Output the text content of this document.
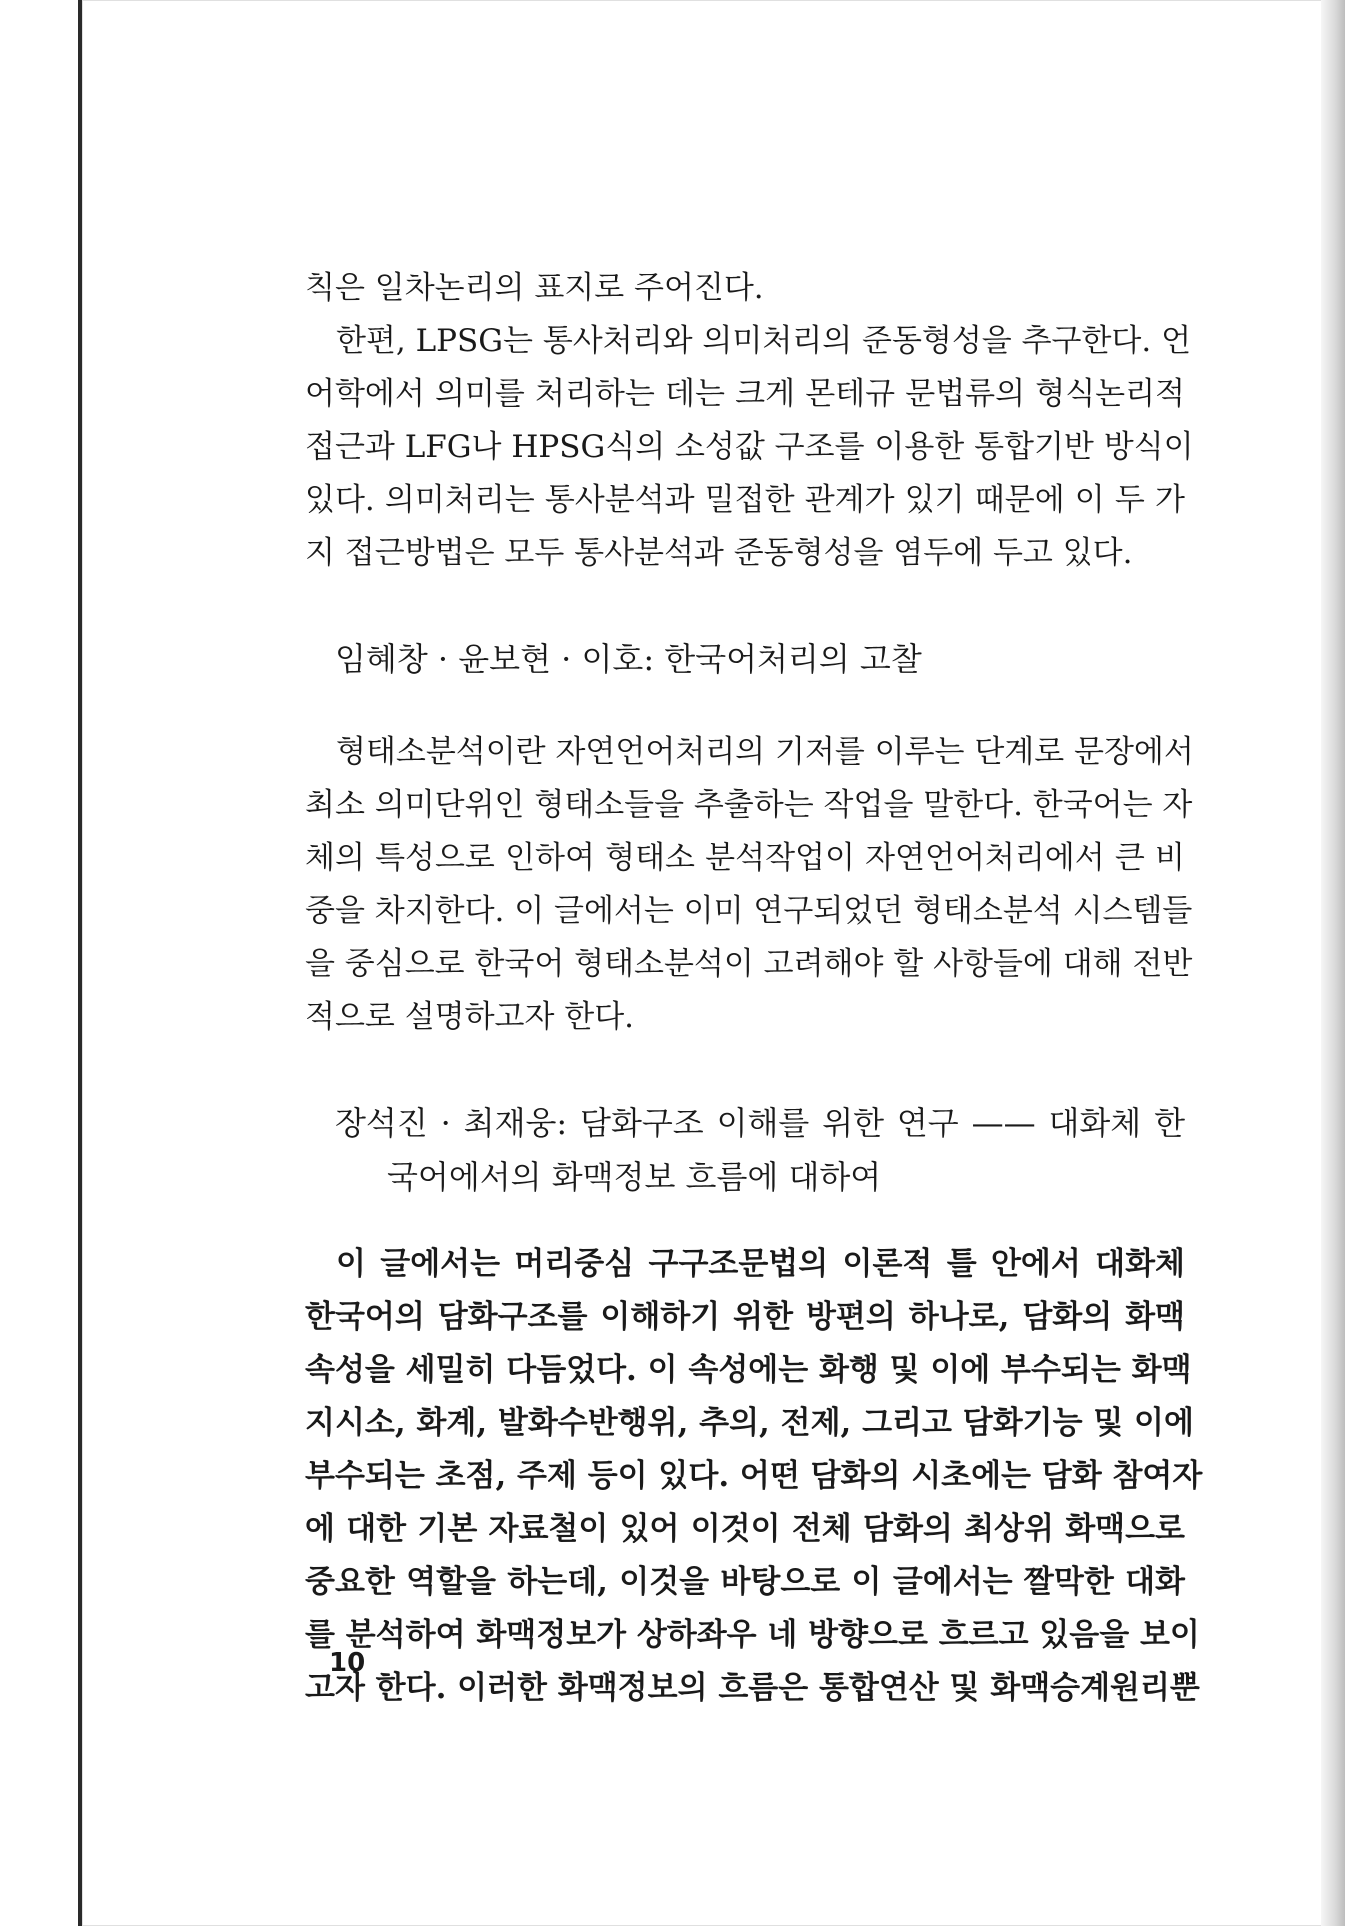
칙은 일차논리의 표지로 주어진다.
한편, LPSG는 통사처리와 의미처리의 준동형성을 추구한다. 언
어학에서 의미를 처리하는 데는 크게 몬테규 문법류의 형식논리적
접근과 LFG나 HPSG식의 소성값 구조를 이용한 통합기반 방식이
있다. 의미처리는 통사분석과 밀접한 관계가 있기 때문에 이 두 가
지 접근방법은 모두 통사분석과 준동형성을 염두에 두고 있다.
임혜창 · 윤보현 · 이호: 한국어처리의 고찰
형태소분석이란 자연언어처리의 기저를 이루는 단계로 문장에서
최소 의미단위인 형태소들을 추출하는 작업을 말한다. 한국어는 자
체의 특성으로 인하여 형태소 분석작업이 자연언어처리에서 큰 비
중을 차지한다. 이 글에서는 이미 연구되었던 형태소분석 시스템들
을 중심으로 한국어 형태소분석이 고려해야 할 사항들에 대해 전반
적으로 설명하고자 한다.
장석진 · 최재웅: 담화구조 이해를 위한 연구 —— 대화체 한
국어에서의 화맥정보 흐름에 대하여
이 글에서는 머리중심 구구조문법의 이론적 틀 안에서 대화체
한국어의 담화구조를 이해하기 위한 방편의 하나로, 담화의 화맥
속성을 세밀히 다듬었다. 이 속성에는 화행 및 이에 부수되는 화맥
지시소, 화계, 발화수반행위, 추의, 전제, 그리고 담화기능 및 이에
부수되는 초점, 주제 등이 있다. 어떤 담화의 시초에는 담화 참여자
에 대한 기본 자료철이 있어 이것이 전체 담화의 최상위 화맥으로
중요한 역할을 하는데, 이것을 바탕으로 이 글에서는 짤막한 대화
를 분석하여 화맥정보가 상하좌우 네 방향으로 흐르고 있음을 보이
고자 한다. 이러한 화맥정보의 흐름은 통합연산 및 화맥승계원리뿐
10
